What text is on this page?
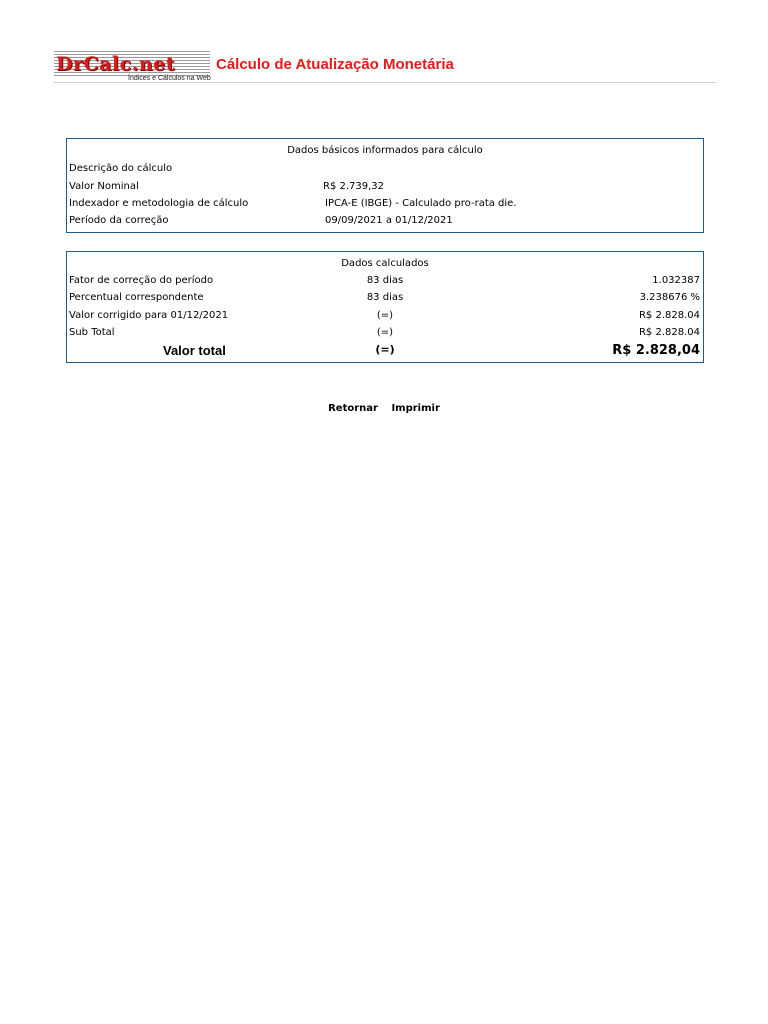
DrCalc.net
Índices e Cálculos na Web
Cálculo de Atualização Monetária
Dados básicos informados para cálculo
Descrição do cálculo
Valor Nominal	R$ 2.739,32
Indexador e metodologia de cálculo	IPCA-E (IBGE) - Calculado pro-rata die.
Período da correção	09/09/2021 a 01/12/2021
Dados calculados
Fator de correção do período	83 dias	1.032387
Percentual correspondente	83 dias	3.238676 %
Valor corrigido para 01/12/2021	(=)	R$ 2.828.04
Sub Total	(=)	R$ 2.828.04
Valor total	(=)	R$ 2.828,04
Retornar Imprimir
